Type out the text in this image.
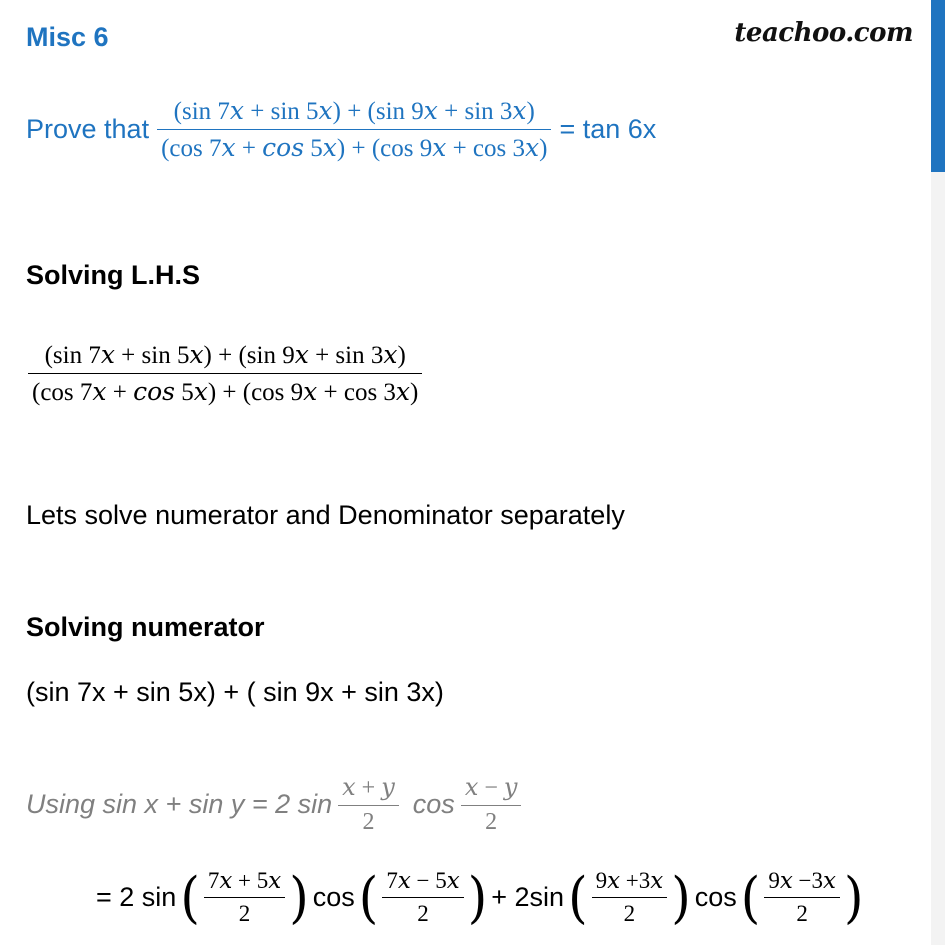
Misc 6	teachoo.com
Prove that $\frac{\text{(sin 7𝑥 + sin 5𝑥) + (sin 9𝑥 + sin 3𝑥)}}{\text{(cos 7𝑥 + 𝑐𝑜𝑠 5𝑥) + (cos 9𝑥 + cos 3𝑥)}} = \tan 6x$
Solving L.H.S
$\frac{\text{(sin 7𝑥 + sin 5𝑥) + (sin 9𝑥 + sin 3𝑥)}}{\text{(cos 7𝑥 + 𝑐𝑜𝑠 5𝑥) + (cos 9𝑥 + cos 3𝑥)}}$
Lets solve numerator and Denominator separately
Solving numerator
(sin 7x + sin 5x) + ( sin 9x + sin 3x)
Using sin x + sin y = 2 $\sin \frac{\text{𝑥 + 𝑦}}{2}$ $\cos \frac{\text{𝑥 − 𝑦}}{2}$
= 2 sin ( $\frac{\text{7𝑥 + 5𝑥}}{2}$ ) cos ( $\frac{\text{7𝑥 − 5𝑥}}{2}$ ) + 2sin ( $\frac{\text{9𝑥 +3𝑥}}{2}$ ) cos ( $\frac{\text{9𝑥 −3𝑥}}{2}$ )
